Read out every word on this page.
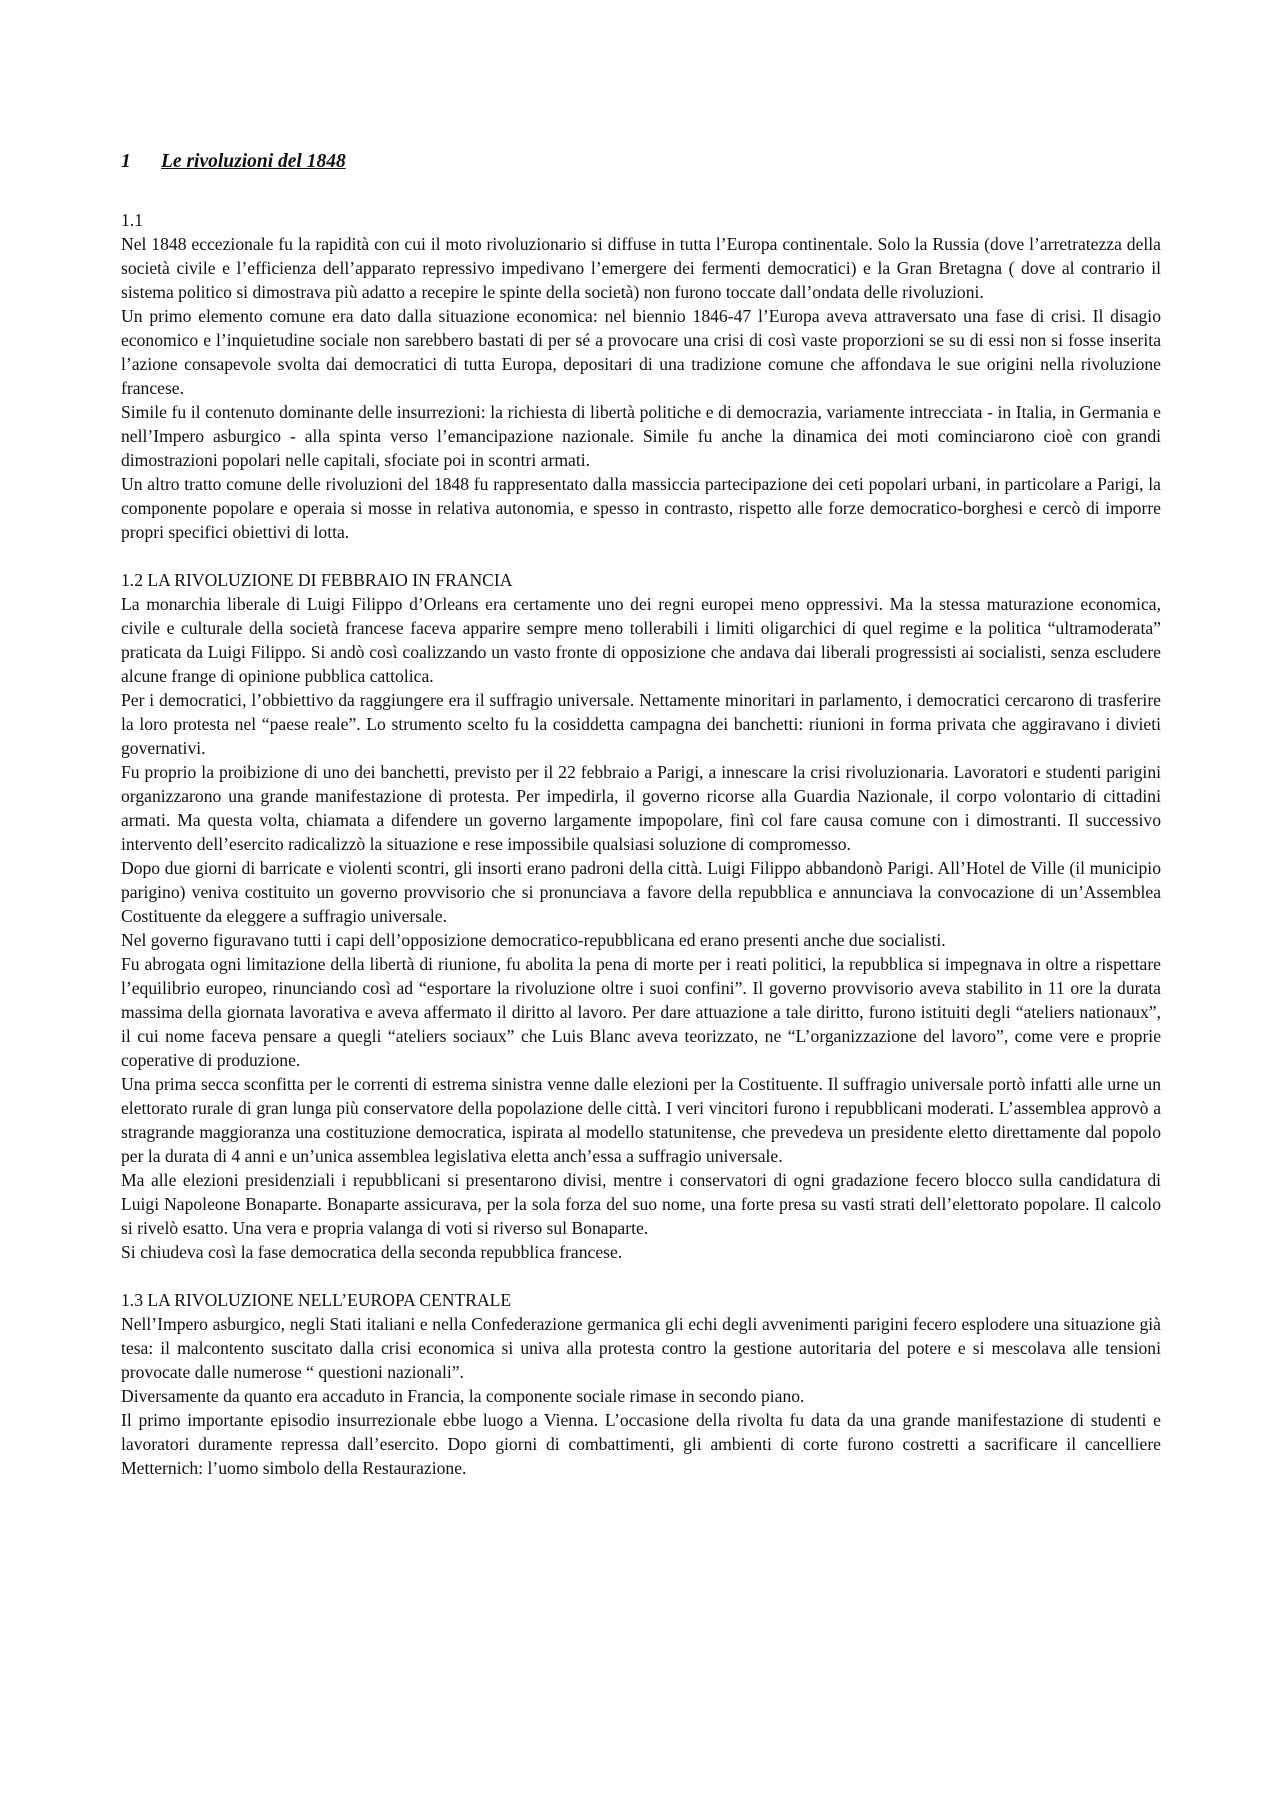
1 Le rivoluzioni del 1848

1.1

Nel 1848 eccezionale fu la rapidità con cui il moto rivoluzionario si diffuse in tutta l’Europa continentale. Solo la Russia (dove l’arretratezza della società civile e l’efficienza dell’apparato repressivo impedivano l’emergere dei fermenti democratici) e la Gran Bretagna ( dove al contrario il sistema politico si dimostrava più adatto a recepire le spinte della società) non furono toccate dall’ondata delle rivoluzioni.

Un primo elemento comune era dato dalla situazione economica: nel biennio 1846-47 l’Europa aveva attraversato una fase di crisi. Il disagio economico e l’inquietudine sociale non sarebbero bastati di per sé a provocare una crisi di così vaste proporzioni se su di essi non si fosse inserita l’azione consapevole svolta dai democratici di tutta Europa, depositari di una tradizione comune che affondava le sue origini nella rivoluzione francese.

Simile fu il contenuto dominante delle insurrezioni: la richiesta di libertà politiche e di democrazia, variamente intrecciata - in Italia, in Germania e nell’Impero asburgico - alla spinta verso l’emancipazione nazionale. Simile fu anche la dinamica dei moti cominciarono cioè con grandi dimostrazioni popolari nelle capitali, sfociate poi in scontri armati.

Un altro tratto comune delle rivoluzioni del 1848 fu rappresentato dalla massiccia partecipazione dei ceti popolari urbani, in particolare a Parigi, la componente popolare e operaia si mosse in relativa autonomia, e spesso in contrasto, rispetto alle forze democratico-borghesi e cercò di imporre propri specifici obiettivi di lotta.

1.2 LA RIVOLUZIONE DI FEBBRAIO IN FRANCIA

La monarchia liberale di Luigi Filippo d’Orleans era certamente uno dei regni europei meno oppressivi. Ma la stessa maturazione economica, civile e culturale della società francese faceva apparire sempre meno tollerabili i limiti oligarchici di quel regime e la politica “ultramoderata” praticata da Luigi Filippo. Si andò così coalizzando un vasto fronte di opposizione che andava dai liberali progressisti ai socialisti, senza escludere alcune frange di opinione pubblica cattolica.

Per i democratici, l’obbiettivo da raggiungere era il suffragio universale. Nettamente minoritari in parlamento, i democratici cercarono di trasferire la loro protesta nel “paese reale”. Lo strumento scelto fu la cosiddetta campagna dei banchetti: riunioni in forma privata che aggiravano i divieti governativi.

Fu proprio la proibizione di uno dei banchetti, previsto per il 22 febbraio a Parigi, a innescare la crisi rivoluzionaria. Lavoratori e studenti parigini organizzarono una grande manifestazione di protesta. Per impedirla, il governo ricorse alla Guardia Nazionale, il corpo volontario di cittadini armati. Ma questa volta, chiamata a difendere un governo largamente impopolare, finì col fare causa comune con i dimostranti. Il successivo intervento dell’esercito radicalizzò la situazione e rese impossibile qualsiasi soluzione di compromesso.

Dopo due giorni di barricate e violenti scontri, gli insorti erano padroni della città. Luigi Filippo abbandonò Parigi. All’Hotel de Ville (il municipio parigino) veniva costituito un governo provvisorio che si pronunciava a favore della repubblica e annunciava la convocazione di un’Assemblea Costituente da eleggere a suffragio universale.

Nel governo figuravano tutti i capi dell’opposizione democratico-repubblicana ed erano presenti anche due socialisti.

Fu abrogata ogni limitazione della libertà di riunione, fu abolita la pena di morte per i reati politici, la repubblica si impegnava in oltre a rispettare l’equilibrio europeo, rinunciando così ad “esportare la rivoluzione oltre i suoi confini”. Il governo provvisorio aveva stabilito in 11 ore la durata massima della giornata lavorativa e aveva affermato il diritto al lavoro. Per dare attuazione a tale diritto, furono istituiti degli “ateliers nationaux”, il cui nome faceva pensare a quegli “ateliers sociaux” che Luis Blanc aveva teorizzato, ne “L’organizzazione del lavoro”, come vere e proprie coperative di produzione.

Una prima secca sconfitta per le correnti di estrema sinistra venne dalle elezioni per la Costituente. Il suffragio universale portò infatti alle urne un elettorato rurale di gran lunga più conservatore della popolazione delle città. I veri vincitori furono i repubblicani moderati. L’assemblea approvò a stragrande maggioranza una costituzione democratica, ispirata al modello statunitense, che prevedeva un presidente eletto direttamente dal popolo per la durata di 4 anni e un’unica assemblea legislativa eletta anch’essa a suffragio universale.

Ma alle elezioni presidenziali i repubblicani si presentarono divisi, mentre i conservatori di ogni gradazione fecero blocco sulla candidatura di Luigi Napoleone Bonaparte. Bonaparte assicurava, per la sola forza del suo nome, una forte presa su vasti strati dell’elettorato popolare. Il calcolo si rivelò esatto. Una vera e propria valanga di voti si riverso sul Bonaparte.

Si chiudeva così la fase democratica della seconda repubblica francese.

1.3 LA RIVOLUZIONE NELL’EUROPA CENTRALE

Nell’Impero asburgico, negli Stati italiani e nella Confederazione germanica gli echi degli avvenimenti parigini fecero esplodere una situazione già tesa: il malcontento suscitato dalla crisi economica si univa alla protesta contro la gestione autoritaria del potere e si mescolava alle tensioni provocate dalle numerose “ questioni nazionali”.

Diversamente da quanto era accaduto in Francia, la componente sociale rimase in secondo piano.

Il primo importante episodio insurrezionale ebbe luogo a Vienna. L’occasione della rivolta fu data da una grande manifestazione di studenti e lavoratori duramente repressa dall’esercito. Dopo giorni di combattimenti, gli ambienti di corte furono costretti a sacrificare il cancelliere Metternich: l’uomo simbolo della Restaurazione.
